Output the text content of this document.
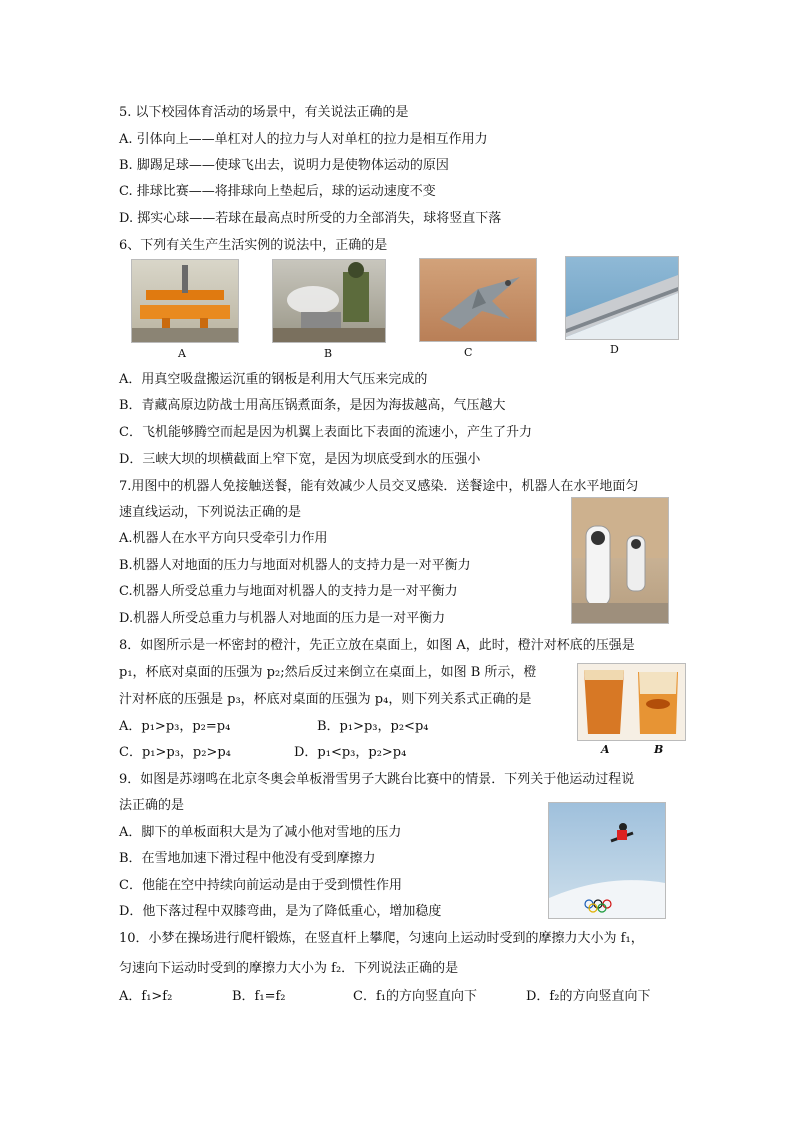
5. 以下校园体育活动的场景中，有关说法正确的是
A. 引体向上——单杠对人的拉力与人对单杠的拉力是相互作用力
B. 脚踢足球——使球飞出去，说明力是使物体运动的原因
C. 排球比赛——将排球向上垫起后，球的运动速度不变
D. 掷实心球——若球在最高点时所受的力全部消失，球将竖直下落
6、下列有关生产生活实例的说法中，正确的是
A	B	C	D
A．用真空吸盘搬运沉重的钢板是利用大气压来完成的
B．青藏高原边防战士用高压锅煮面条，是因为海拔越高，气压越大
C．飞机能够腾空而起是因为机翼上表面比下表面的流速小，产生了升力
D．三峡大坝的坝横截面上窄下宽，是因为坝底受到水的压强小
7.用图中的机器人免接触送餐，能有效减少人员交叉感染．送餐途中，机器人在水平地面匀
速直线运动，下列说法正确的是
A.机器人在水平方向只受牵引力作用
B.机器人对地面的压力与地面对机器人的支持力是一对平衡力
C.机器人所受总重力与地面对机器人的支持力是一对平衡力
D.机器人所受总重力与机器人对地面的压力是一对平衡力
8．如图所示是一杯密封的橙汁，先正立放在桌面上，如图 A，此时，橙汁对杯底的压强是
p₁，杯底对桌面的压强为 p₂;然后反过来倒立在桌面上，如图 B 所示，橙
汁对杯底的压强是 p₃，杯底对桌面的压强为 p₄，则下列关系式正确的是
A．p₁>p₃，p₂=p₄	B．p₁>p₃，p₂<p₄
C．p₁>p₃，p₂>p₄	D．p₁<p₃，p₂>p₄	A	B
9．如图是苏翊鸣在北京冬奥会单板滑雪男子大跳台比赛中的情景．下列关于他运动过程说
法正确的是
A．脚下的单板面积大是为了减小他对雪地的压力
B．在雪地加速下滑过程中他没有受到摩擦力
C．他能在空中持续向前运动是由于受到惯性作用
D．他下落过程中双膝弯曲，是为了降低重心，增加稳度
10．小梦在操场进行爬杆锻炼，在竖直杆上攀爬，匀速向上运动时受到的摩擦力大小为 f₁，
匀速向下运动时受到的摩擦力大小为 f₂．下列说法正确的是
A．f₁>f₂	B．f₁=f₂	C．f₁的方向竖直向下	D．f₂的方向竖直向下
